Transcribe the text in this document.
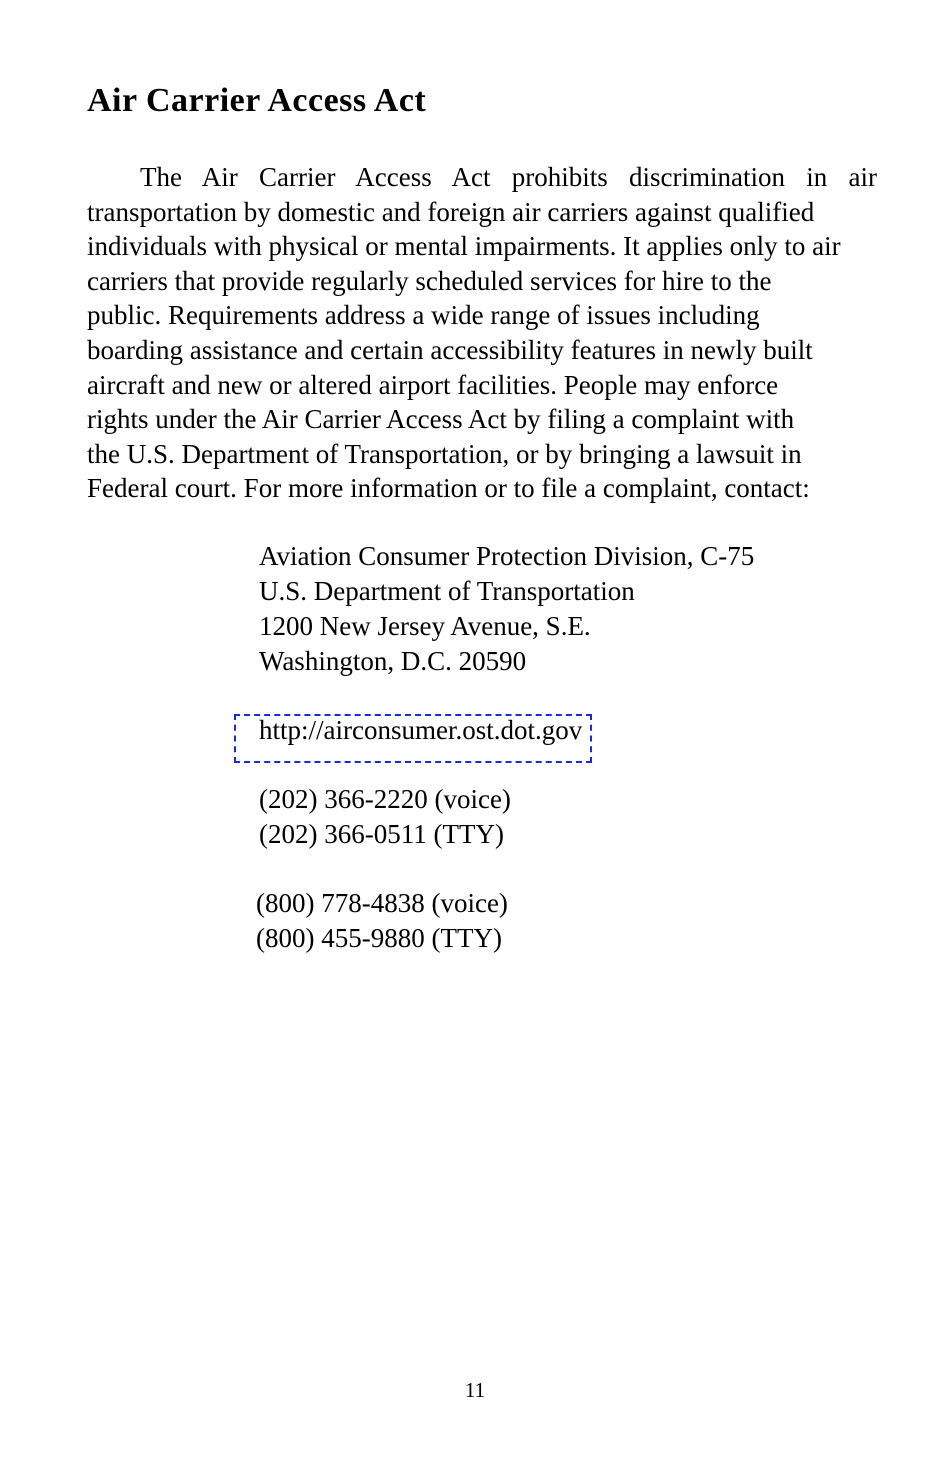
Air Carrier Access Act
The Air Carrier Access Act prohibits discrimination in air
transportation by domestic and foreign air carriers against qualified
individuals with physical or mental impairments. It applies only to air
carriers that provide regularly scheduled services for hire to the
public. Requirements address a wide range of issues including
boarding assistance and certain accessibility features in newly built
aircraft and new or altered airport facilities. People may enforce
rights under the Air Carrier Access Act by filing a complaint with
the U.S. Department of Transportation, or by bringing a lawsuit in
Federal court. For more information or to file a complaint, contact:
Aviation Consumer Protection Division, C-75
U.S. Department of Transportation
1200 New Jersey Avenue, S.E.
Washington, D.C. 20590
http://airconsumer.ost.dot.gov
(202) 366-2220 (voice)
(202) 366-0511 (TTY)
(800) 778-4838 (voice)
(800) 455-9880 (TTY)
11
